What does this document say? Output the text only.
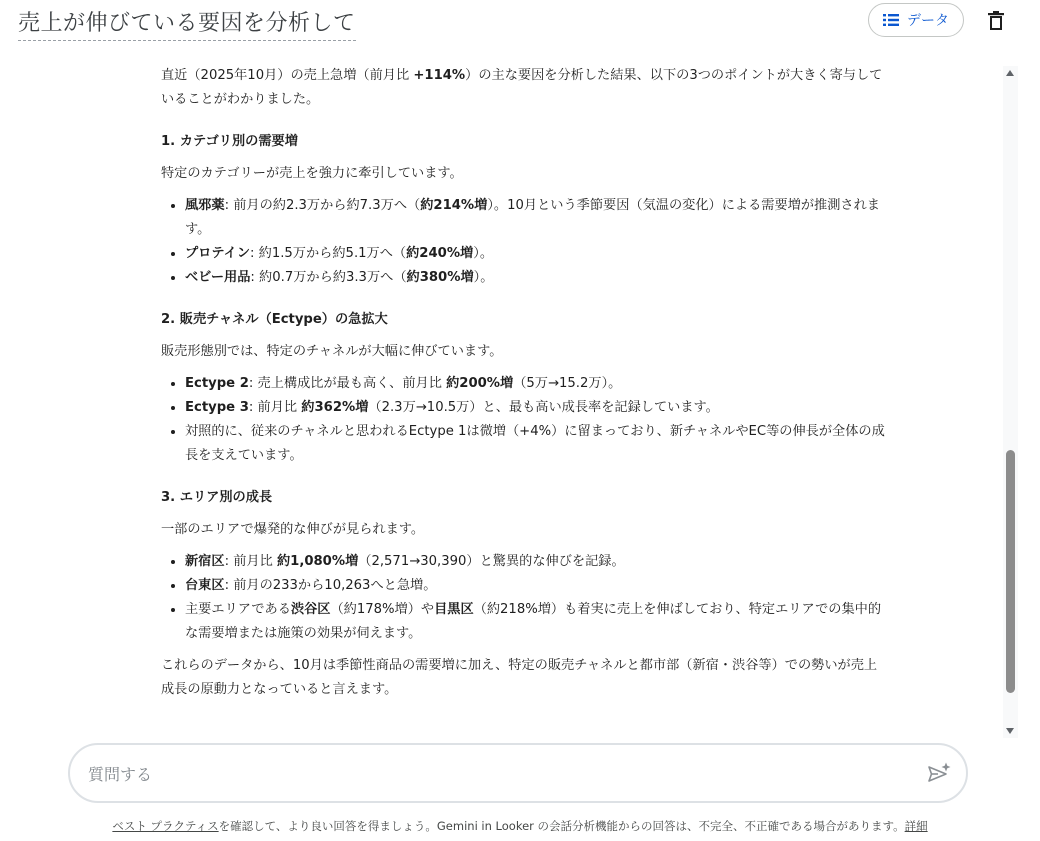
売上が伸びている要因を分析して	データ

直近（2025年10月）の売上急増（前月比 +114%）の主な要因を分析した結果、以下の3つのポイントが大きく寄与していることがわかりました。

1. カテゴリ別の需要増

特定のカテゴリーが売上を強力に牽引しています。

• 風邪薬: 前月の約2.3万から約7.3万へ（約214%増）。10月という季節要因（気温の変化）による需要増が推測されます。
• プロテイン: 約1.5万から約5.1万へ（約240%増）。
• ベビー用品: 約0.7万から約3.3万へ（約380%増）。

2. 販売チャネル（Ectype）の急拡大

販売形態別では、特定のチャネルが大幅に伸びています。

• Ectype 2: 売上構成比が最も高く、前月比 約200%増（5万→15.2万）。
• Ectype 3: 前月比 約362%増（2.3万→10.5万）と、最も高い成長率を記録しています。
• 対照的に、従来のチャネルと思われるEctype 1は微増（+4%）に留まっており、新チャネルやEC等の伸長が全体の成長を支えています。

3. エリア別の成長

一部のエリアで爆発的な伸びが見られます。

• 新宿区: 前月比 約1,080%増（2,571→30,390）と驚異的な伸びを記録。
• 台東区: 前月の233から10,263へと急増。
• 主要エリアである渋谷区（約178%増）や目黒区（約218%増）も着実に売上を伸ばしており、特定エリアでの集中的な需要増または施策の効果が伺えます。

これらのデータから、10月は季節性商品の需要増に加え、特定の販売チャネルと都市部（新宿・渋谷等）での勢いが売上成長の原動力となっていると言えます。

質問する
ベスト プラクティスを確認して、より良い回答を得ましょう。Gemini in Looker の会話分析機能からの回答は、不完全、不正確である場合があります。詳細
